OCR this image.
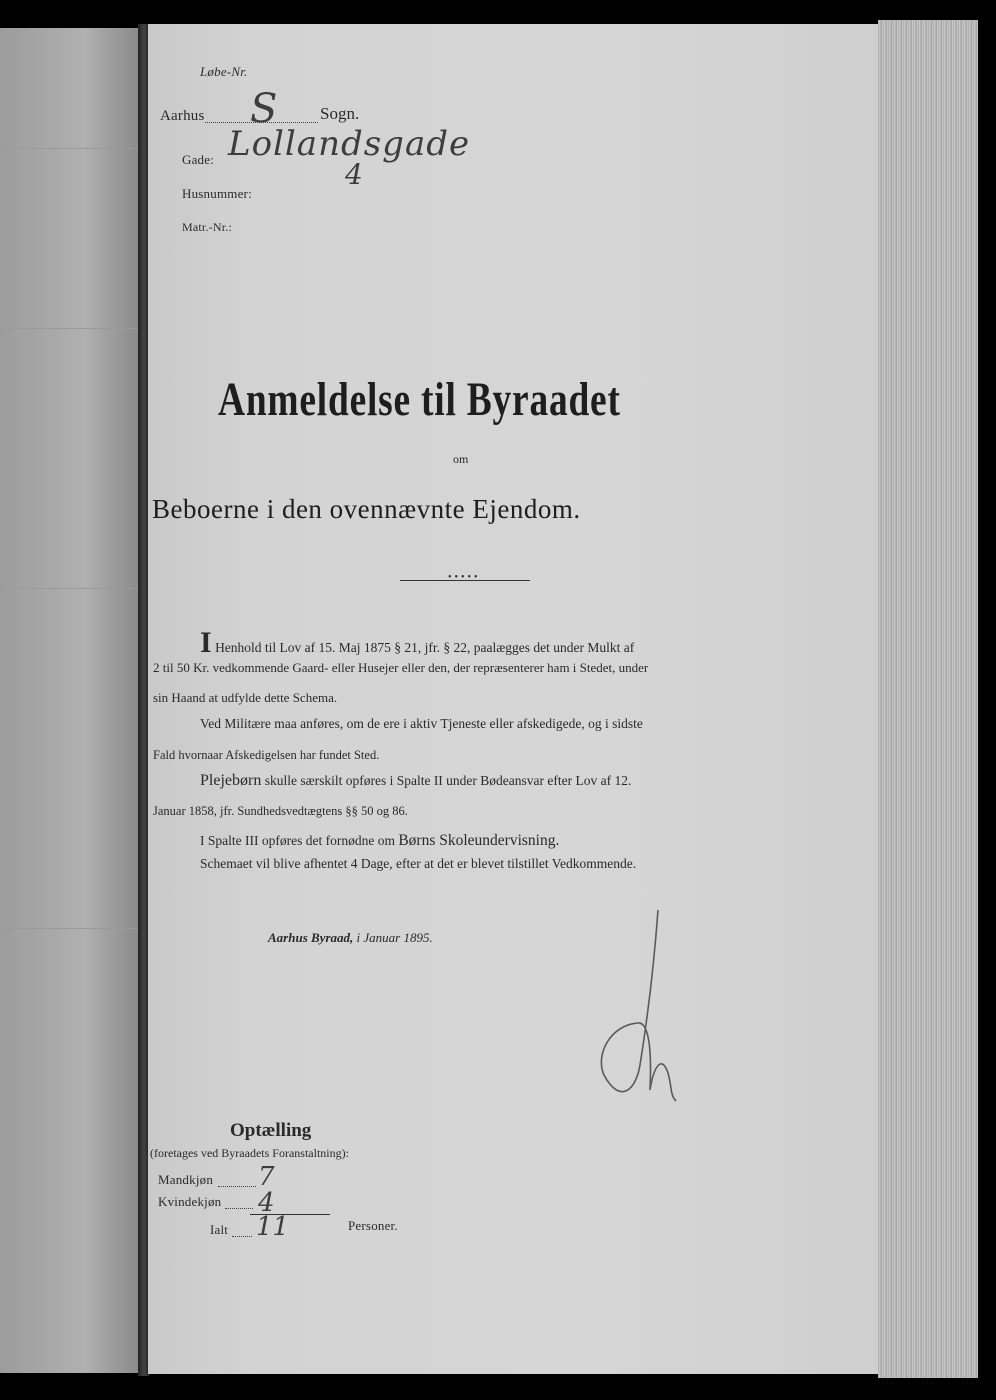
Løbe-Nr.
Aarhus S	Sogn.
Gade: Lollandsgade
Husnummer:
4
Matr.-Nr.:
Anmeldelse til Byraadet
om
Beboerne i den ovennævnte Ejendom.
•••••
I Henhold til Lov af 15. Maj 1875 § 21, jfr. § 22, paalægges det under Mulkt af
2 til 50 Kr. vedkommende Gaard- eller Husejer eller den, der repræsenterer ham i Stedet, under
sin Haand at udfylde dette Schema.
Ved Militære maa anføres, om de ere i aktiv Tjeneste eller afskedigede, og i sidste
Fald hvornaar Afskedigelsen har fundet Sted.
Plejebørn skulle særskilt opføres i Spalte II under Bødeansvar efter Lov af 12.
Januar 1858, jfr. Sundhedsvedtægtens §§ 50 og 86.
I Spalte III opføres det fornødne om Børns Skoleundervisning.
Schemaet vil blive afhentet 4 Dage, efter at det er blevet tilstillet Vedkommende.
Aarhus Byraad, i Januar 1895.
Optælling
(foretages ved Byraadets Foranstaltning):
Mandkjøn 7
Kvindekjøn 4
Ialt 11	Personer.
